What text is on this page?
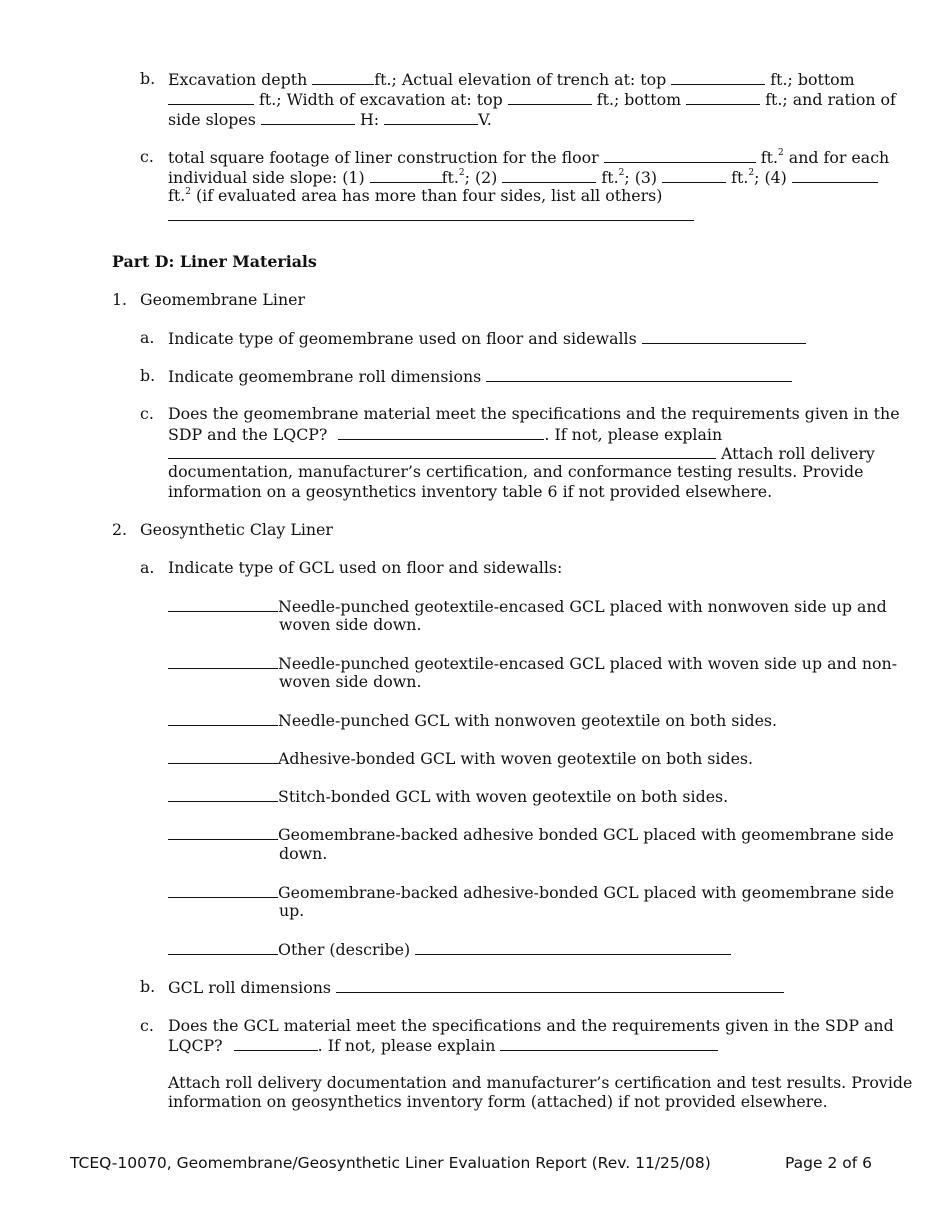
b. Excavation depth	ft.; Actual elevation of trench at: top	ft.; bottom
ft.; Width of excavation at: top	ft.; bottom	ft.; and ration of
side slopes	H:	V.
c. total square footage of liner construction for the floor	ft.$^2$ and for each
individual side slope: (1)	ft.$^2$; (2)	ft.$^2$; (3)	ft.$^2$; (4)
ft.$^2$ (if evaluated area has more than four sides, list all others)
Part D: Liner Materials
1. Geomembrane Liner
a. Indicate type of geomembrane used on floor and sidewalls
b. Indicate geomembrane roll dimensions
c. Does the geomembrane material meet the specifications and the requirements given in the
SDP and the LQCP?	. If not, please explain
Attach roll delivery
documentation, manufacturer’s certification, and conformance testing results. Provide
information on a geosynthetics inventory table 6 if not provided elsewhere.
2. Geosynthetic Clay Liner
a. Indicate type of GCL used on floor and sidewalls:
Needle-punched geotextile-encased GCL placed with nonwoven side up and
woven side down.
Needle-punched geotextile-encased GCL placed with woven side up and non-
woven side down.
Needle-punched GCL with nonwoven geotextile on both sides.
Adhesive-bonded GCL with woven geotextile on both sides.
Stitch-bonded GCL with woven geotextile on both sides.
Geomembrane-backed adhesive bonded GCL placed with geomembrane side
down.
Geomembrane-backed adhesive-bonded GCL placed with geomembrane side
up.
Other (describe)
b. GCL roll dimensions
c. Does the GCL material meet the specifications and the requirements given in the SDP and
LQCP?	. If not, please explain
Attach roll delivery documentation and manufacturer’s certification and test results. Provide
information on geosynthetics inventory form (attached) if not provided elsewhere.
TCEQ-10070, Geomembrane/Geosynthetic Liner Evaluation Report (Rev. 11/25/08)	Page 2 of 6
